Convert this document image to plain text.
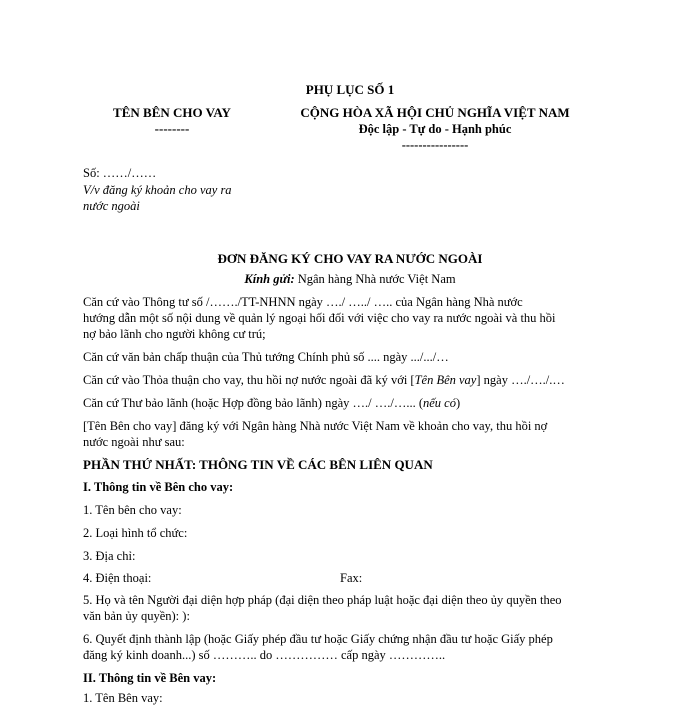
PHỤ LỤC SỐ 1
TÊN BÊN CHO VAY
--------
CỘNG HÒA XÃ HỘI CHỦ NGHĨA VIỆT NAM
Độc lập - Tự do - Hạnh phúc
----------------
Số: ……/……
V/v đăng ký khoản cho vay ra
nước ngoài
ĐƠN ĐĂNG KÝ CHO VAY RA NƯỚC NGOÀI
Kính gửi: Ngân hàng Nhà nước Việt Nam
Căn cứ vào Thông tư số /……./TT-NHNN ngày …./ …../ ….. của Ngân hàng Nhà nước
hướng dẫn một số nội dung về quản lý ngoại hối đối với việc cho vay ra nước ngoài và thu hồi
nợ bảo lãnh cho người không cư trú;
Căn cứ văn bản chấp thuận của Thủ tướng Chính phủ số .... ngày .../.../…
Căn cứ vào Thỏa thuận cho vay, thu hồi nợ nước ngoài đã ký với [Tên Bên vay] ngày …./…./.…
Căn cứ Thư bảo lãnh (hoặc Hợp đồng bảo lãnh) ngày …./ …./…... (nếu có)
[Tên Bên cho vay] đăng ký với Ngân hàng Nhà nước Việt Nam về khoản cho vay, thu hồi nợ
nước ngoài như sau:
PHẦN THỨ NHẤT: THÔNG TIN VỀ CÁC BÊN LIÊN QUAN
I. Thông tin về Bên cho vay:
1. Tên bên cho vay:
2. Loại hình tổ chức:
3. Địa chỉ:
4. Điện thoại:	Fax:
5. Họ và tên Người đại diện hợp pháp (đại diện theo pháp luật hoặc đại diện theo ủy quyền theo
văn bản ủy quyền): ):
6. Quyết định thành lập (hoặc Giấy phép đầu tư hoặc Giấy chứng nhận đầu tư hoặc Giấy phép
đăng ký kinh doanh...) số ……….. do …………… cấp ngày …………..
II. Thông tin về Bên vay:
1. Tên Bên vay:
